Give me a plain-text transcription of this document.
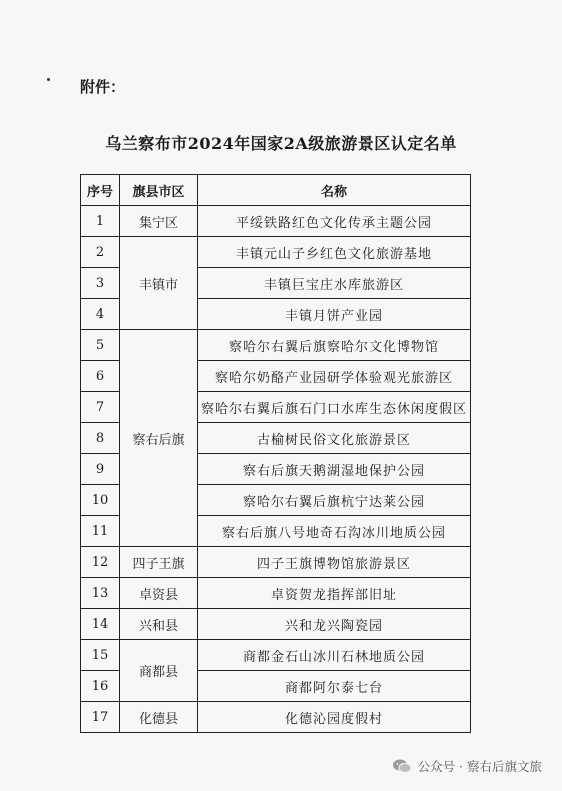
附件：
乌兰察布市2024年国家2A级旅游景区认定名单
序号	旗县市区	名称
1	集宁区	平绥铁路红色文化传承主题公园
2	丰镇市	丰镇元山子乡红色文化旅游基地
3		丰镇巨宝庄水库旅游区
4		丰镇月饼产业园
5	察右后旗	察哈尔右翼后旗察哈尔文化博物馆
6		察哈尔奶酪产业园研学体验观光旅游区
7		察哈尔右翼后旗石门口水库生态休闲度假区
8		古榆树民俗文化旅游景区
9		察右后旗天鹅湖湿地保护公园
10		察哈尔右翼后旗杭宁达莱公园
11		察右后旗八号地奇石沟冰川地质公园
12	四子王旗	四子王旗博物馆旅游景区
13	卓资县	卓资贺龙指挥部旧址
14	兴和县	兴和龙兴陶瓷园
15	商都县	商都金石山冰川石林地质公园
16		商都阿尔泰七台
17	化德县	化德沁园度假村
公众号 · 察右后旗文旅
